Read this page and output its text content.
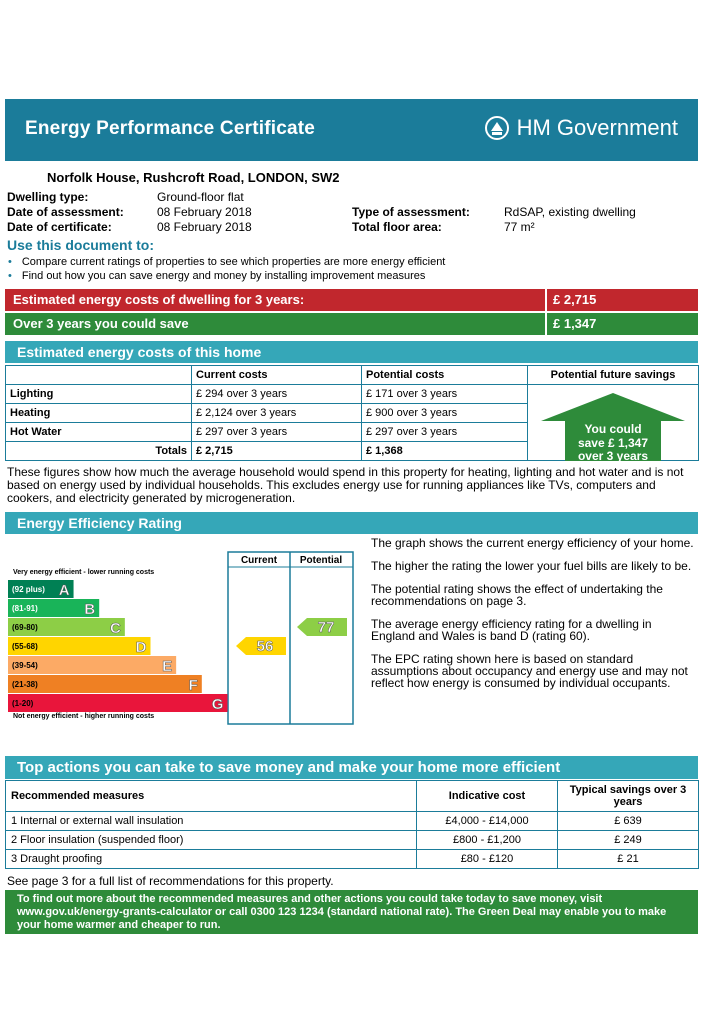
Energy Performance Certificate	HM Government
Norfolk House, Rushcroft Road, LONDON, SW2
Dwelling type:	Ground-floor flat
Date of assessment:	08 February 2018
Date of certificate:	08 February 2018
Type of assessment:	RdSAP, existing dwelling
Total floor area:	77 m²
Use this document to:
• Compare current ratings of properties to see which properties are more energy efficient
• Find out how you can save energy and money by installing improvement measures
Estimated energy costs of dwelling for 3 years:	£ 2,715
Over 3 years you could save	£ 1,347
Estimated energy costs of this home
	Current costs	Potential costs	Potential future savings
Lighting	£ 294 over 3 years	£ 171 over 3 years	You could
save £ 1,347
over 3 years

Heating	£ 2,124 over 3 years	£ 900 over 3 years	
Hot Water	£ 297 over 3 years	£ 297 over 3 years	
Totals	£ 2,715	£ 1,368	
These figures show how much the average household would spend in this property for heating, lighting and hot water and is not based on energy used by individual households. This excludes energy use for running appliances like TVs, computers and cookers, and electricity generated by microgeneration.
Energy Efficiency Rating
Current Potential
Very energy efficient - lower running costs
Not energy efficient - higher running costs
(92 plus) A
(81-91)	B
(69-80)	C
(55-68)	D
(39-54)	E
(21-38)	F
(1-20)	G
56
77

The graph shows the current energy efficiency of your home.

The higher the rating the lower your fuel bills are likely to be.

The potential rating shows the effect of undertaking the recommendations on page 3.

The average energy efficiency rating for a dwelling in England and Wales is band D (rating 60).

The EPC rating shown here is based on standard assumptions about occupancy and energy use and may not reflect how energy is consumed by individual occupants.

Top actions you can take to save money and make your home more efficient
Recommended measures	Indicative cost	Typical savings over 3 years
1 Internal or external wall insulation	£4,000 - £14,000	£ 639
2 Floor insulation (suspended floor)	£800 - £1,200	£ 249
3 Draught proofing	£80 - £120	£ 21
See page 3 for a full list of recommendations for this property.
To find out more about the recommended measures and other actions you could take today to save money, visit www.gov.uk/energy-grants-calculator or call 0300 123 1234 (standard national rate). The Green Deal may enable you to make your home warmer and cheaper to run.
